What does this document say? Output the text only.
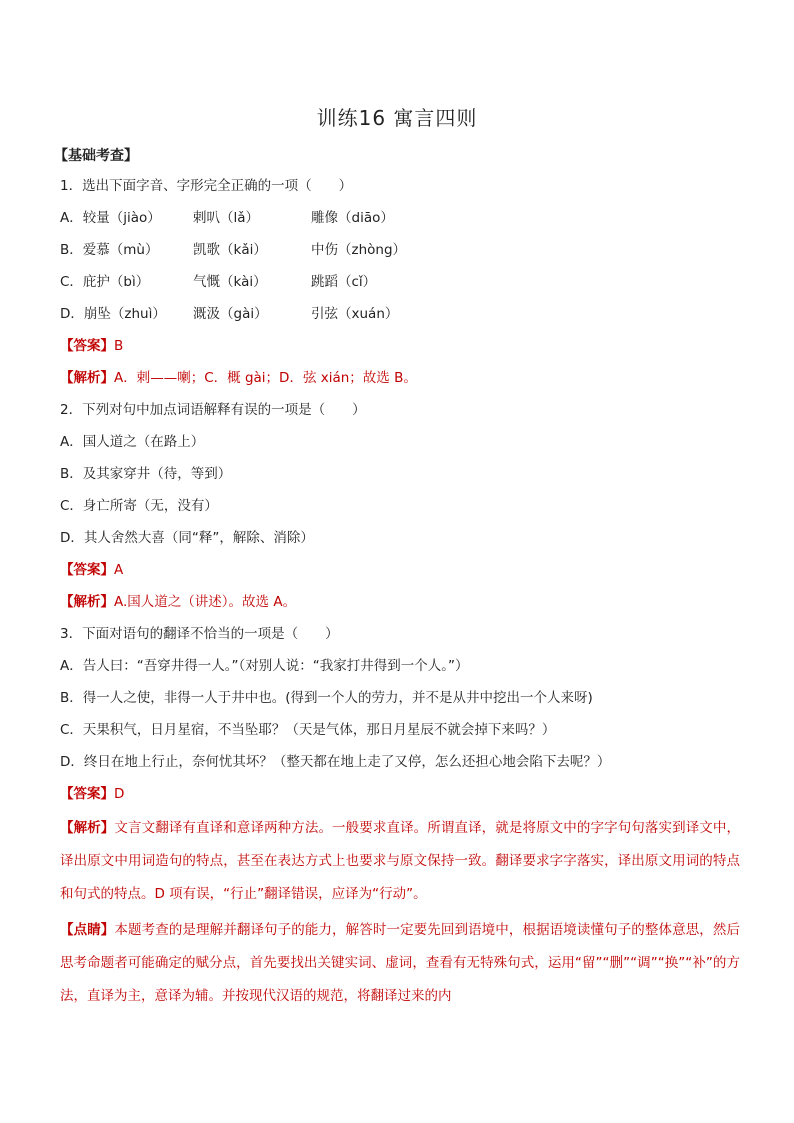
训练16 寓言四则
【基础考查】
1．选出下面字音、字形完全正确的一项（　　）
A．较量（jiào）	剌叭（lǎ）	雕像（diāo）
B．爱慕（mù）	凯歌（kǎi）	中伤（zhòng）
C．庇护（bì）	气慨（kài）	跳蹈（cǐ）
D．崩坠（zhuì）	溉汲（gài）	引弦（xuán）
【答案】B
【解析】A．剌——喇；C．概 gài；D．弦 xián；故选 B。
2．下列对句中加点词语解释有误的一项是（　　）
A．国人道之（在路上）
B．及其家穿井（待，等到）
C．身亡所寄（无，没有）
D．其人舍然大喜（同“释”，解除、消除）
【答案】A
【解析】A.国人道之（讲述）。故选 A。
3．下面对语句的翻译不恰当的一项是（　　）
A．告人曰：“吾穿井得一人。”（对别人说：“我家打井得到一个人。”）
B．得一人之使，非得一人于井中也。(得到一个人的劳力，并不是从井中挖出一个人来呀)
C．天果积气，日月星宿，不当坠耶？（天是气体，那日月星辰不就会掉下来吗？）
D．终日在地上行止，奈何忧其坏？（整天都在地上走了又停，怎么还担心地会陷下去呢？）
【答案】D
【解析】文言文翻译有直译和意译两种方法。一般要求直译。所谓直译，就是将原文中的字字句句落实到译文中，译出原文中用词造句的特点，甚至在表达方式上也要求与原文保持一致。翻译要求字字落实，译出原文用词的特点和句式的特点。D 项有误，“行止”翻译错误，应译为“行动”。
【点睛】本题考查的是理解并翻译句子的能力，解答时一定要先回到语境中，根据语境读懂句子的整体意思，然后思考命题者可能确定的赋分点，首先要找出关键实词、虚词，查看有无特殊句式，运用“留”“删”“调”“换”“补”的方法，直译为主，意译为辅。并按现代汉语的规范，将翻译过来的内
